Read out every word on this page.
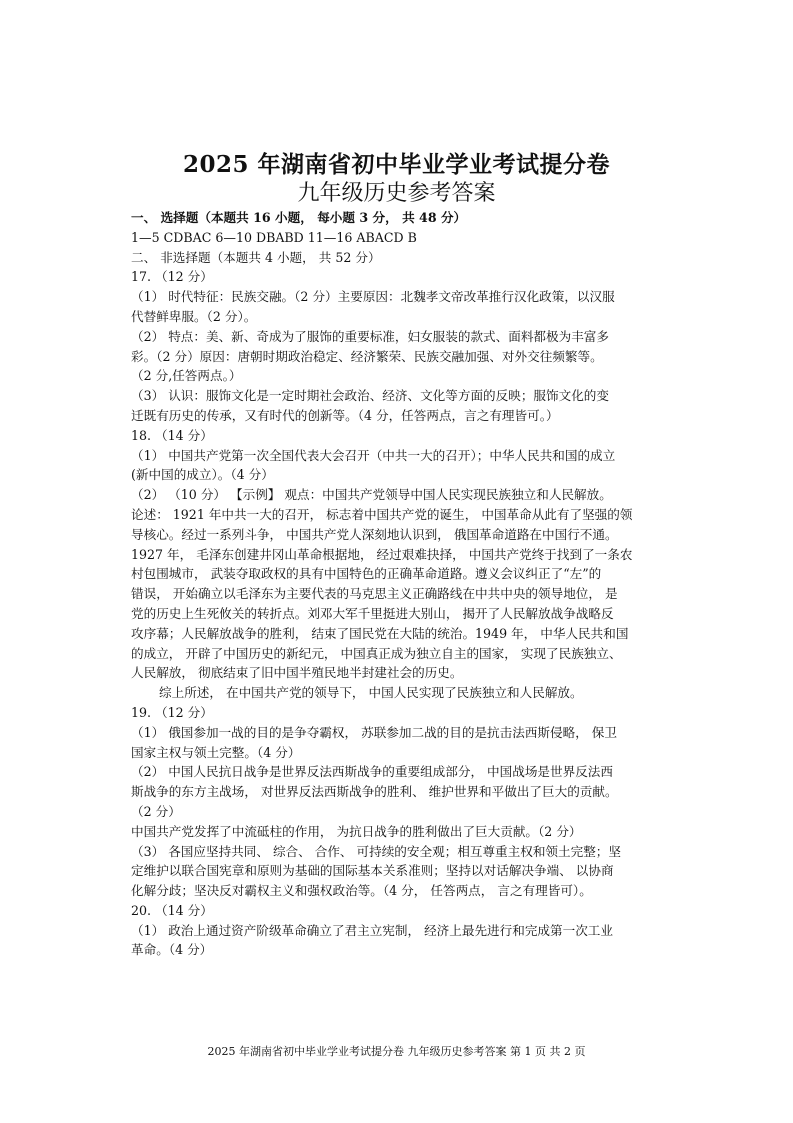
2025 年湖南省初中毕业学业考试提分卷
九年级历史参考答案
一、 选择题（本题共 16 小题， 每小题 3 分， 共 48 分）
1—5 CDBAC 6—10 DBABD 11—16 ABACD B
二、 非选择题（本题共 4 小题， 共 52 分）
17. （12 分）
（1） 时代特征：民族交融。（2 分）主要原因：北魏孝文帝改革推行汉化政策，以汉服
代替鲜卑服。（2 分）。
（2） 特点：美、新、奇成为了服饰的重要标准，妇女服装的款式、面料都极为丰富多
彩。（2 分）原因：唐朝时期政治稳定、经济繁荣、民族交融加强、对外交往频繁等。
（2 分,任答两点。）
（3） 认识：服饰文化是一定时期社会政治、经济、文化等方面的反映；服饰文化的变
迁既有历史的传承，又有时代的创新等。（4 分，任答两点，言之有理皆可。）
18. （14 分）
（1） 中国共产党第一次全国代表大会召开（中共一大的召开）；中华人民共和国的成立
(新中国的成立）。（4 分）
（2） （10 分） 【示例】 观点：中国共产党领导中国人民实现民族独立和人民解放。
论述： 1921 年中共一大的召开， 标志着中国共产党的诞生， 中国革命从此有了坚强的领
导核心。经过一系列斗争， 中国共产党人深刻地认识到， 俄国革命道路在中国行不通。
1927 年， 毛泽东创建井冈山革命根据地， 经过艰难抉择， 中国共产党终于找到了一条农
村包围城市， 武装夺取政权的具有中国特色的正确革命道路。遵义会议纠正了“左”的
错误， 开始确立以毛泽东为主要代表的马克思主义正确路线在中共中央的领导地位， 是
党的历史上生死攸关的转折点。刘邓大军千里挺进大别山， 揭开了人民解放战争战略反
攻序幕；人民解放战争的胜利， 结束了国民党在大陆的统治。1949 年， 中华人民共和国
的成立， 开辟了中国历史的新纪元， 中国真正成为独立自主的国家， 实现了民族独立、
人民解放， 彻底结束了旧中国半殖民地半封建社会的历史。
综上所述， 在中国共产党的领导下， 中国人民实现了民族独立和人民解放。
19. （12 分）
（1） 俄国参加一战的目的是争夺霸权， 苏联参加二战的目的是抗击法西斯侵略， 保卫
国家主权与领土完整。（4 分）
（2） 中国人民抗日战争是世界反法西斯战争的重要组成部分， 中国战场是世界反法西
斯战争的东方主战场， 对世界反法西斯战争的胜利、 维护世界和平做出了巨大的贡献。
（2 分）
中国共产党发挥了中流砥柱的作用， 为抗日战争的胜利做出了巨大贡献。（2 分）
（3） 各国应坚持共同、 综合、 合作、 可持续的安全观；相互尊重主权和领土完整；坚
定维护以联合国宪章和原则为基础的国际基本关系准则；坚持以对话解决争端、 以协商
化解分歧；坚决反对霸权主义和强权政治等。（4 分， 任答两点， 言之有理皆可）。
20. （14 分）
（1） 政治上通过资产阶级革命确立了君主立宪制， 经济上最先进行和完成第一次工业
革命。（4 分）
2025 年湖南省初中毕业学业考试提分卷 九年级历史参考答案 第 1 页 共 2 页
